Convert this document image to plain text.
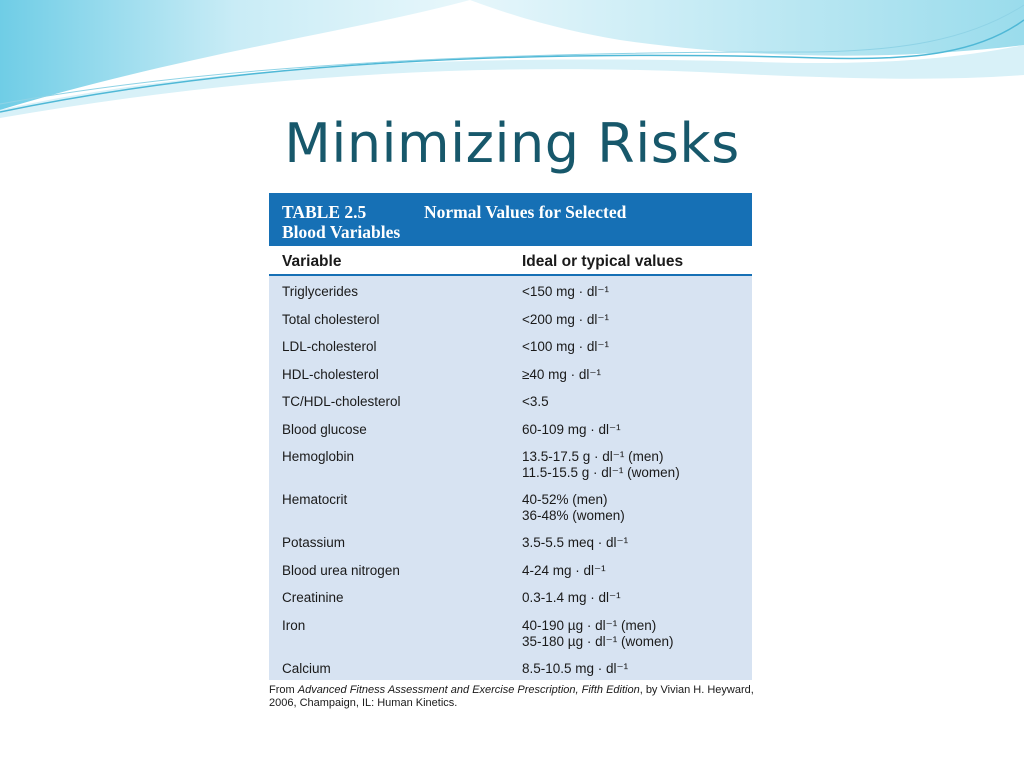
Minimizing Risks
TABLE 2.5	Normal Values for Selected
Blood Variables
Variable	Ideal or typical values
Triglycerides	<150 mg · dl⁻¹
Total cholesterol	<200 mg · dl⁻¹
LDL-cholesterol	<100 mg · dl⁻¹
HDL-cholesterol	≥40 mg · dl⁻¹
TC/HDL-cholesterol	<3.5
Blood glucose	60-109 mg · dl⁻¹
Hemoglobin	13.5-17.5 g · dl⁻¹ (men)
11.5-15.5 g · dl⁻¹ (women)
Hematocrit	40-52% (men)
36-48% (women)
Potassium	3.5-5.5 meq · dl⁻¹
Blood urea nitrogen	4-24 mg · dl⁻¹
Creatinine	0.3-1.4 mg · dl⁻¹
Iron	40-190 µg · dl⁻¹ (men)
35-180 µg · dl⁻¹ (women)
Calcium	8.5-10.5 mg · dl⁻¹
From Advanced Fitness Assessment and Exercise Prescription, Fifth Edition, by Vivian H. Heyward, 2006, Champaign, IL: Human Kinetics.
